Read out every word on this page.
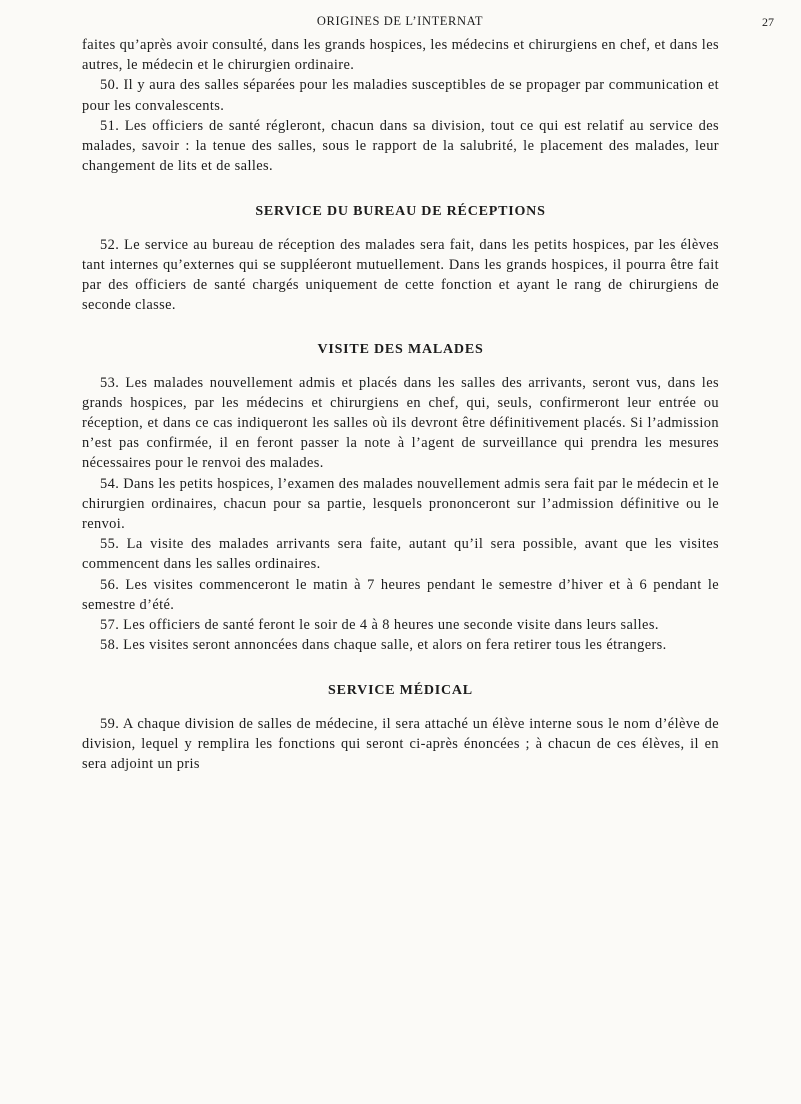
ORIGINES DE L’INTERNAT	27

faites qu’après avoir consulté, dans les grands hospices, les médecins et chirurgiens en chef, et dans les autres, le médecin et le chirurgien ordinaire.

50. Il y aura des salles séparées pour les maladies susceptibles de se propager par communication et pour les convalescents.

51. Les officiers de santé régleront, chacun dans sa division, tout ce qui est relatif au service des malades, savoir : la tenue des salles, sous le rapport de la salubrité, le placement des malades, leur changement de lits et de salles.

SERVICE DU BUREAU DE RÉCEPTIONS

52. Le service au bureau de réception des malades sera fait, dans les petits hospices, par les élèves tant internes qu’externes qui se suppléeront mutuellement. Dans les grands hospices, il pourra être fait par des officiers de santé chargés uniquement de cette fonction et ayant le rang de chirurgiens de seconde classe.

VISITE DES MALADES

53. Les malades nouvellement admis et placés dans les salles des arrivants, seront vus, dans les grands hospices, par les médecins et chirurgiens en chef, qui, seuls, confirmeront leur entrée ou réception, et dans ce cas indiqueront les salles où ils devront être définitivement placés. Si l’admission n’est pas confirmée, il en feront passer la note à l’agent de surveillance qui prendra les mesures nécessaires pour le renvoi des malades.

54. Dans les petits hospices, l’examen des malades nouvellement admis sera fait par le médecin et le chirurgien ordinaires, chacun pour sa partie, lesquels prononceront sur l’admission définitive ou le renvoi.

55. La visite des malades arrivants sera faite, autant qu’il sera possible, avant que les visites commencent dans les salles ordinaires.

56. Les visites commenceront le matin à 7 heures pendant le semestre d’hiver et à 6 pendant le semestre d’été.

57. Les officiers de santé feront le soir de 4 à 8 heures une seconde visite dans leurs salles.

58. Les visites seront annoncées dans chaque salle, et alors on fera retirer tous les étrangers.

SERVICE MÉDICAL

59. A chaque division de salles de médecine, il sera attaché un élève interne sous le nom d’élève de division, lequel y remplira les fonctions qui seront ci-après énoncées ; à chacun de ces élèves, il en sera adjoint un pris
